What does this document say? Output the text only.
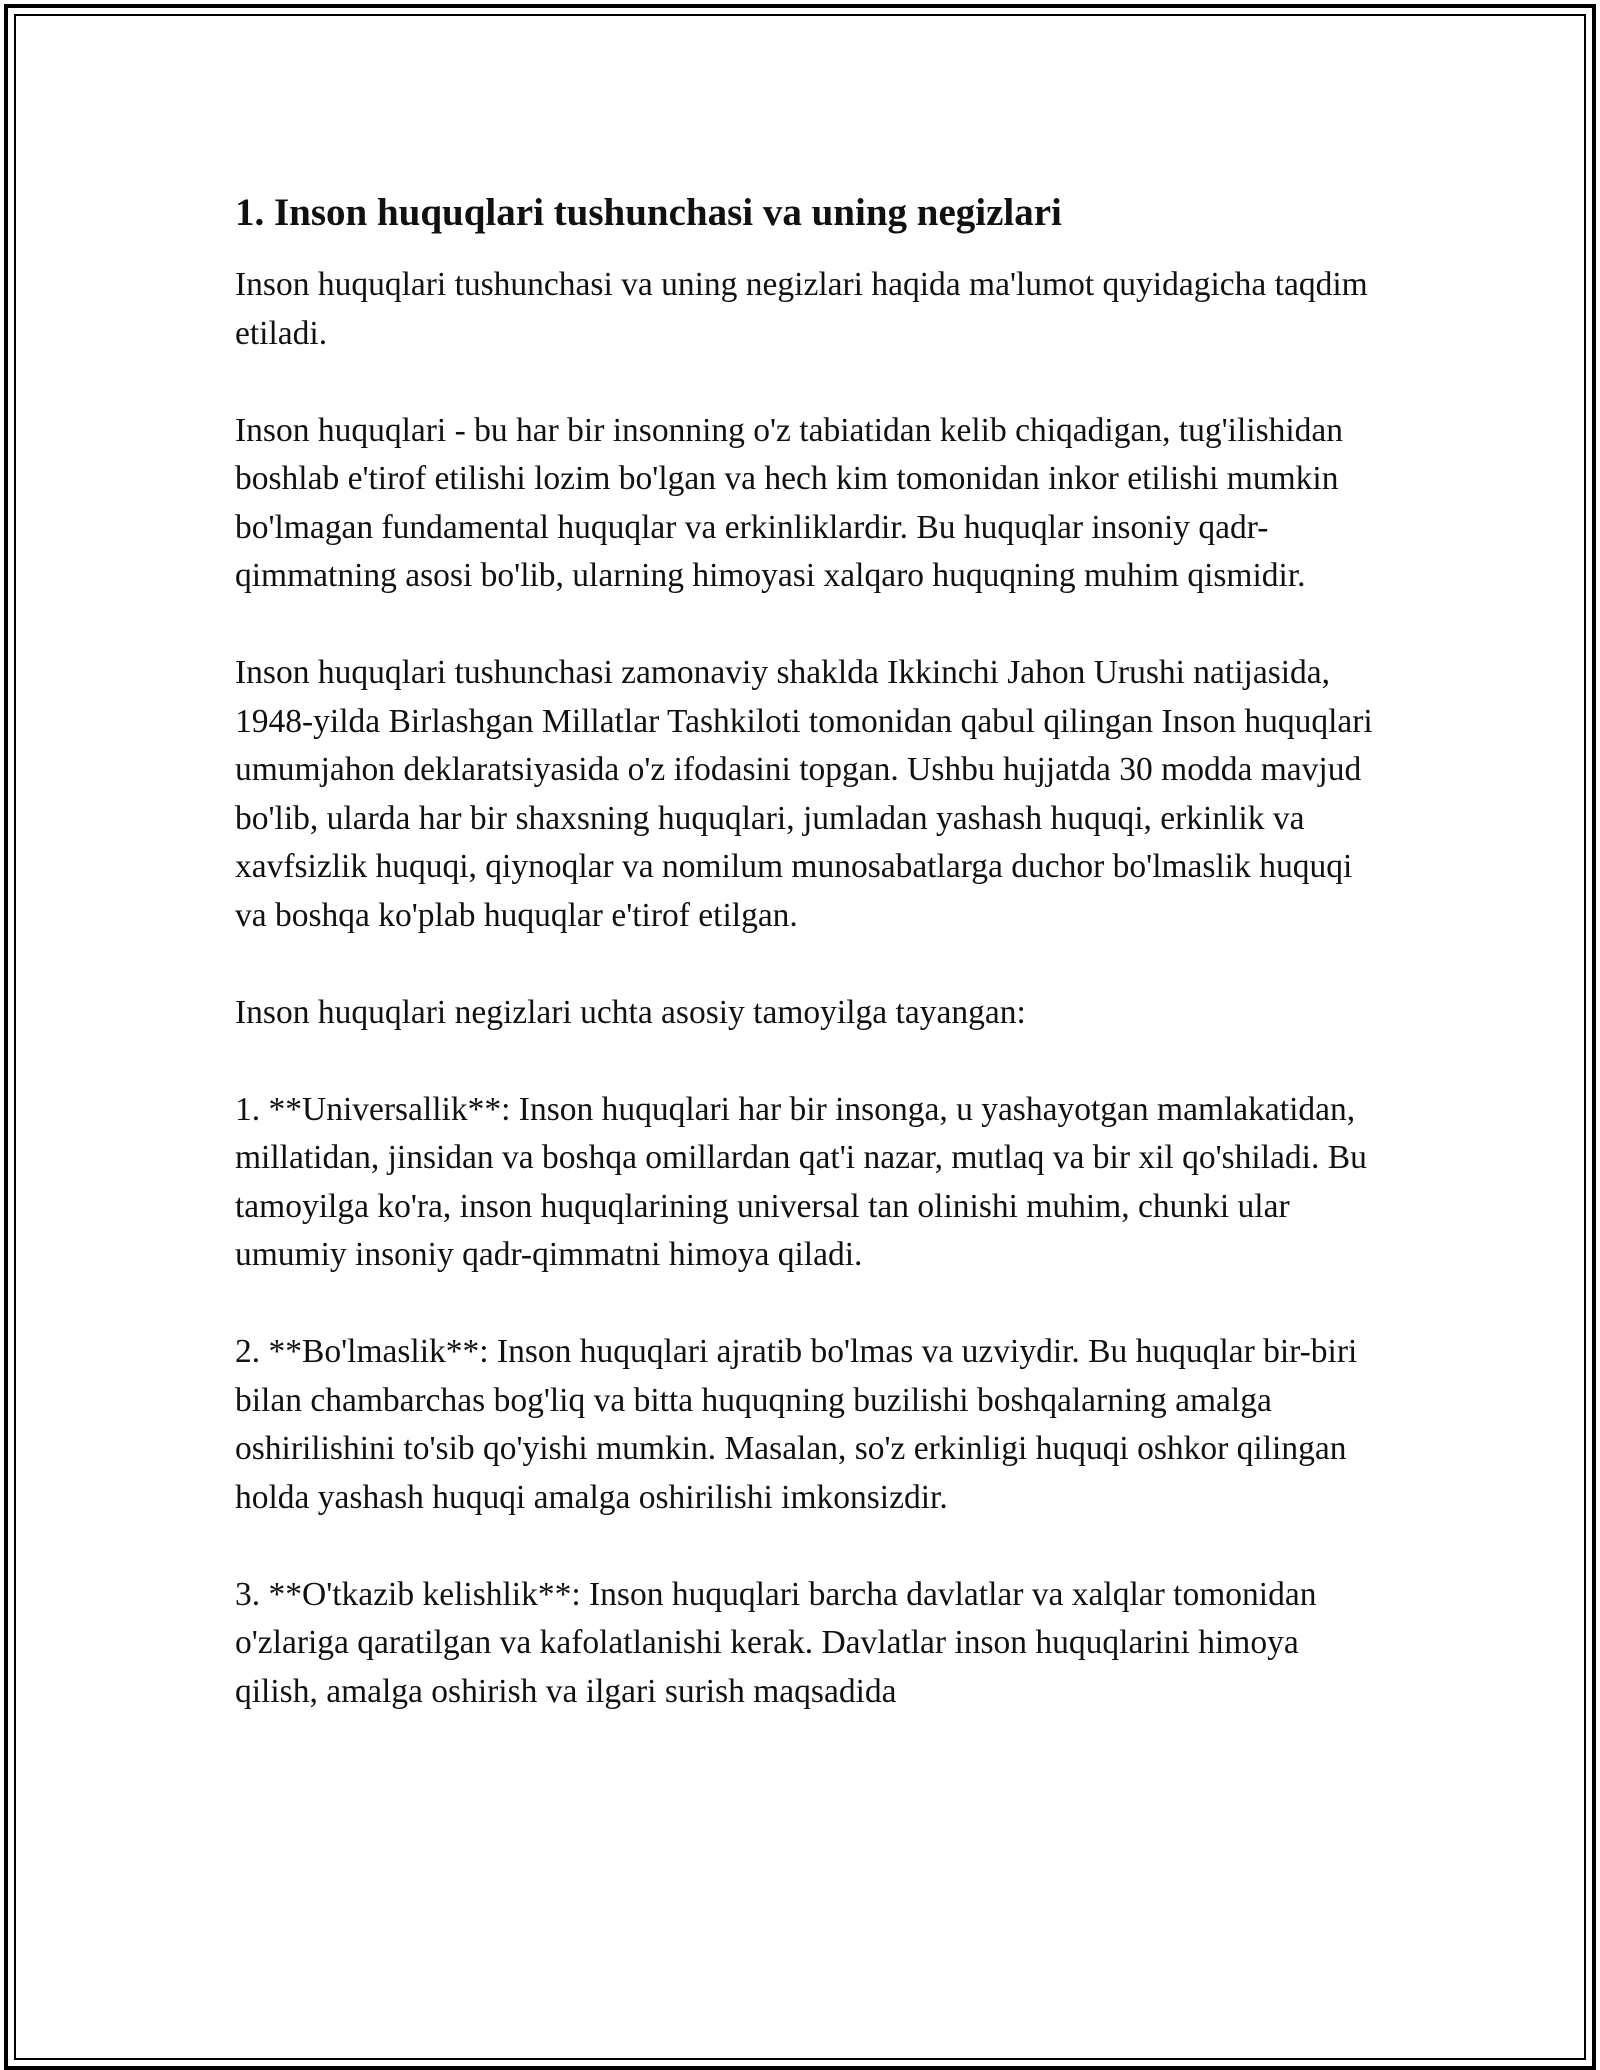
1. Inson huquqlari tushunchasi va uning negizlari

Inson huquqlari tushunchasi va uning negizlari haqida ma'lumot quyidagicha taqdim etiladi.

Inson huquqlari - bu har bir insonning o'z tabiatidan kelib chiqadigan, tug'ilishidan boshlab e'tirof etilishi lozim bo'lgan va hech kim tomonidan inkor etilishi mumkin bo'lmagan fundamental huquqlar va erkinliklardir. Bu huquqlar insoniy qadr-qimmatning asosi bo'lib, ularning himoyasi xalqaro huquqning muhim qismidir.

Inson huquqlari tushunchasi zamonaviy shaklda Ikkinchi Jahon Urushi natijasida, 1948-yilda Birlashgan Millatlar Tashkiloti tomonidan qabul qilingan Inson huquqlari umumjahon deklaratsiyasida o'z ifodasini topgan. Ushbu hujjatda 30 modda mavjud bo'lib, ularda har bir shaxsning huquqlari, jumladan yashash huquqi, erkinlik va xavfsizlik huquqi, qiynoqlar va nomilum munosabatlarga duchor bo'lmaslik huquqi va boshqa ko'plab huquqlar e'tirof etilgan.

Inson huquqlari negizlari uchta asosiy tamoyilga tayangan:

1. **Universallik**: Inson huquqlari har bir insonga, u yashayotgan mamlakatidan, millatidan, jinsidan va boshqa omillardan qat'i nazar, mutlaq va bir xil qo'shiladi. Bu tamoyilga ko'ra, inson huquqlarining universal tan olinishi muhim, chunki ular umumiy insoniy qadr-qimmatni himoya qiladi.

2. **Bo'lmaslik**: Inson huquqlari ajratib bo'lmas va uzviydir. Bu huquqlar bir-biri bilan chambarchas bog'liq va bitta huquqning buzilishi boshqalarning amalga oshirilishini to'sib qo'yishi mumkin. Masalan, so'z erkinligi huquqi oshkor qilingan holda yashash huquqi amalga oshirilishi imkonsizdir.

3. **O'tkazib kelishlik**: Inson huquqlari barcha davlatlar va xalqlar tomonidan o'zlariga qaratilgan va kafolatlanishi kerak. Davlatlar inson huquqlarini himoya qilish, amalga oshirish va ilgari surish maqsadida
